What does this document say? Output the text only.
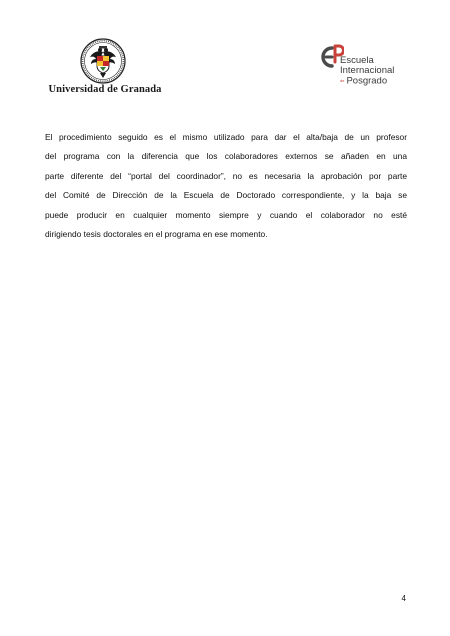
Universidad de Granada
Escuela
Internacional
de Posgrado
El procedimiento seguido es el mismo utilizado para dar el alta/baja de un profesor
del programa con la diferencia que los colaboradores externos se añaden en una
parte diferente del “portal del coordinador”, no es necesaria la aprobación por parte
del Comité de Dirección de la Escuela de Doctorado correspondiente, y la baja se
puede producir en cualquier momento siempre y cuando el colaborador no esté
dirigiendo tesis doctorales en el programa en ese momento.
4
